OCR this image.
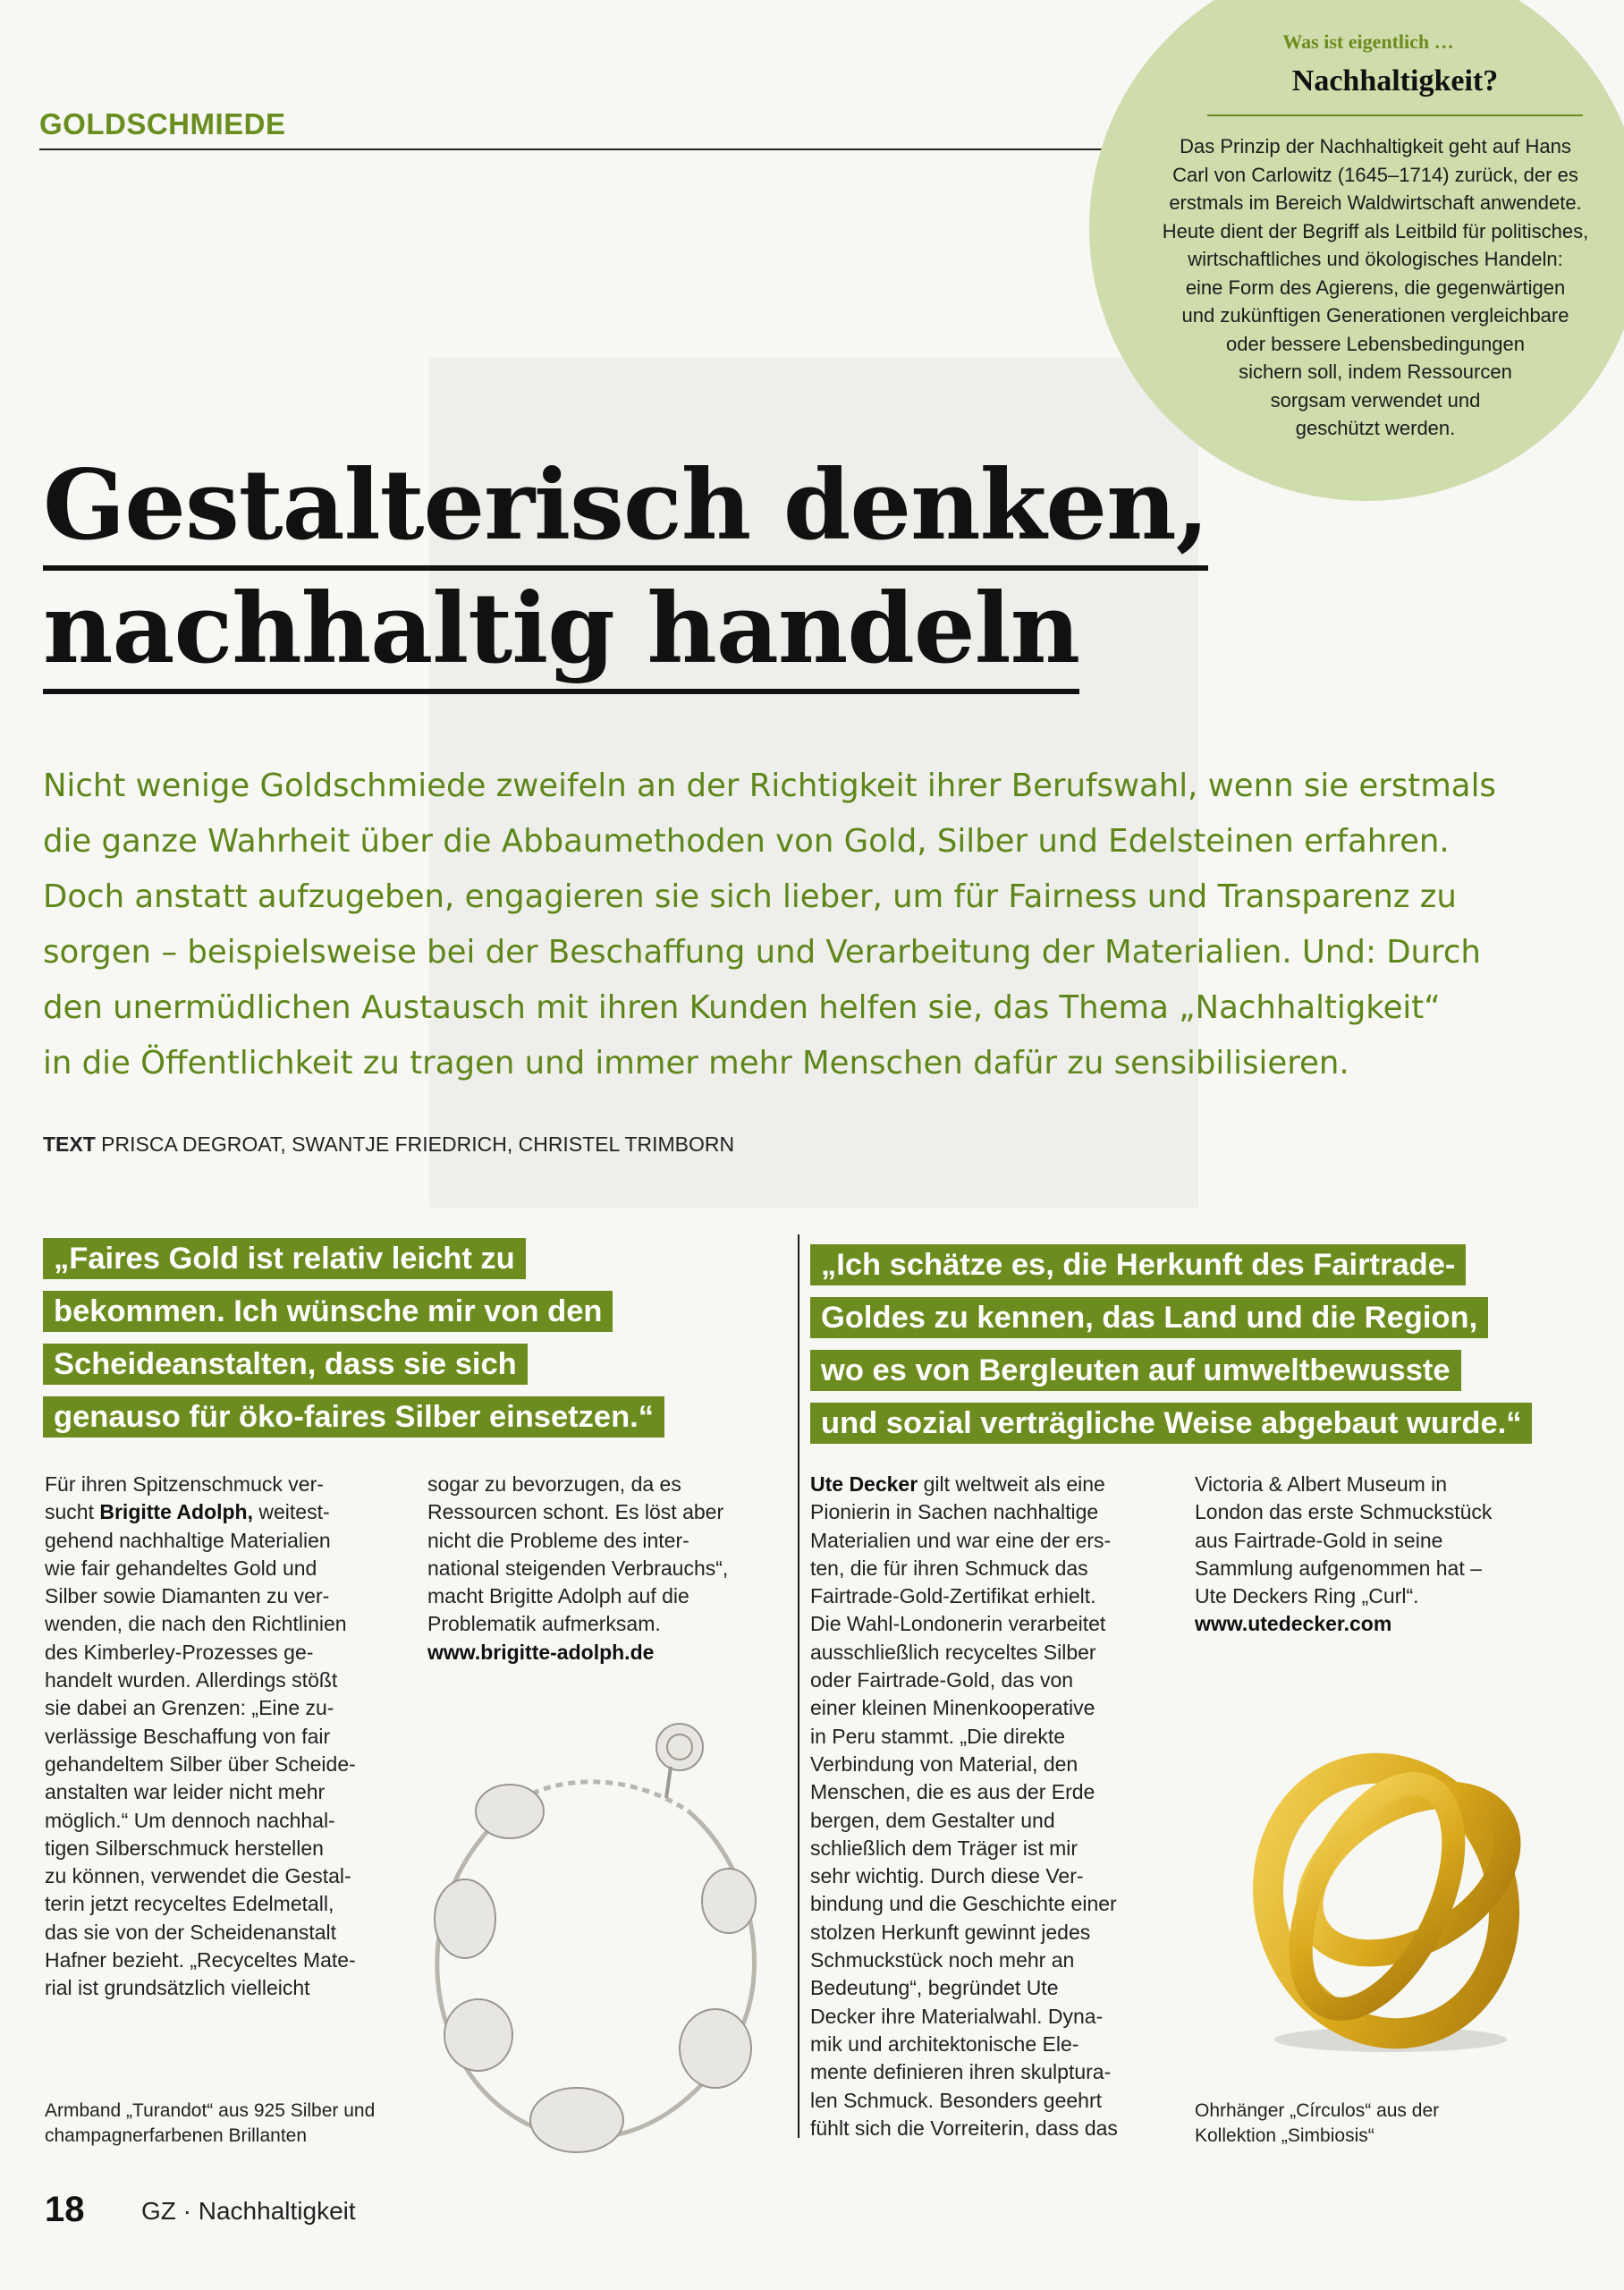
GOLDSCHMIEDE
Was ist eigentlich …
Nachhaltigkeit?
Das Prinzip der Nachhaltigkeit geht auf Hans
Carl von Carlowitz (1645–1714) zurück, der es
erstmals im Bereich Waldwirtschaft anwendete.
Heute dient der Begriff als Leitbild für politisches,
wirtschaftliches und ökologisches Handeln:
eine Form des Agierens, die gegenwärtigen
und zukünftigen Generationen vergleichbare
oder bessere Lebensbedingungen
sichern soll, indem Ressourcen
sorgsam verwendet und
geschützt werden.
Gestalterisch denken,
nachhaltig handeln
Nicht wenige Goldschmiede zweifeln an der Richtigkeit ihrer Berufswahl, wenn sie erstmals
die ganze Wahrheit über die Abbaumethoden von Gold, Silber und Edelsteinen erfahren.
Doch anstatt aufzugeben, engagieren sie sich lieber, um für Fairness und Transparenz zu
sorgen – beispielsweise bei der Beschaffung und Verarbeitung der Materialien. Und: Durch
den unermüdlichen Austausch mit ihren Kunden helfen sie, das Thema „Nachhaltigkeit“
in die Öffentlichkeit zu tragen und immer mehr Menschen dafür zu sensibilisieren.
TEXT PRISCA DEGROAT, SWANTJE FRIEDRICH, CHRISTEL TRIMBORN
„Faires Gold ist relativ leicht zu
bekommen. Ich wünsche mir von den
Scheideanstalten, dass sie sich
genauso für öko-faires Silber einsetzen.“
„Ich schätze es, die Herkunft des Fairtrade-
Goldes zu kennen, das Land und die Region,
wo es von Bergleuten auf umweltbewusste
und sozial verträgliche Weise abgebaut wurde.“

Für ihren Spitzenschmuck ver-

sucht Brigitte Adolph, weitest-

gehend nachhaltige Materialien

wie fair gehandeltes Gold und

Silber sowie Diamanten zu ver-

wenden, die nach den Richtlinien

des Kimberley-Prozesses ge-

handelt wurden. Allerdings stößt

sie dabei an Grenzen: „Eine zu-

verlässige Beschaffung von fair

gehandeltem Silber über Scheide-

anstalten war leider nicht mehr

möglich.“ Um dennoch nachhal-

tigen Silberschmuck herstellen

zu können, verwendet die Gestal-

terin jetzt recyceltes Edelmetall,

das sie von der Scheidenanstalt

Hafner bezieht. „Recyceltes Mate-

rial ist grundsätzlich vielleicht

sogar zu bevorzugen, da es

Ressourcen schont. Es löst aber

nicht die Probleme des inter-

national steigenden Verbrauchs“,

macht Brigitte Adolph auf die

Problematik aufmerksam.

www.brigitte-adolph.de

Armband „Turandot“ aus 925 Silber und
champagnerfarbenen Brillanten

Ute Decker gilt weltweit als eine

Pionierin in Sachen nachhaltige

Materialien und war eine der ers-

ten, die für ihren Schmuck das

Fairtrade-Gold-Zertifikat erhielt.

Die Wahl-Londonerin verarbeitet

ausschließlich recyceltes Silber

oder Fairtrade-Gold, das von

einer kleinen Minenkooperative

in Peru stammt. „Die direkte

Verbindung von Material, den

Menschen, die es aus der Erde

bergen, dem Gestalter und

schließlich dem Träger ist mir

sehr wichtig. Durch diese Ver-

bindung und die Geschichte einer

stolzen Herkunft gewinnt jedes

Schmuckstück noch mehr an

Bedeutung“, begründet Ute

Decker ihre Materialwahl. Dyna-

mik und architektonische Ele-

mente definieren ihren skulptura-

len Schmuck. Besonders geehrt

fühlt sich die Vorreiterin, dass das

Victoria & Albert Museum in

London das erste Schmuckstück

aus Fairtrade-Gold in seine

Sammlung aufgenommen hat –

Ute Deckers Ring „Curl“.

www.utedecker.com

Ohrhänger „Círculos“ aus der
Kollektion „Simbiosis“
18 GZ · Nachhaltigkeit
